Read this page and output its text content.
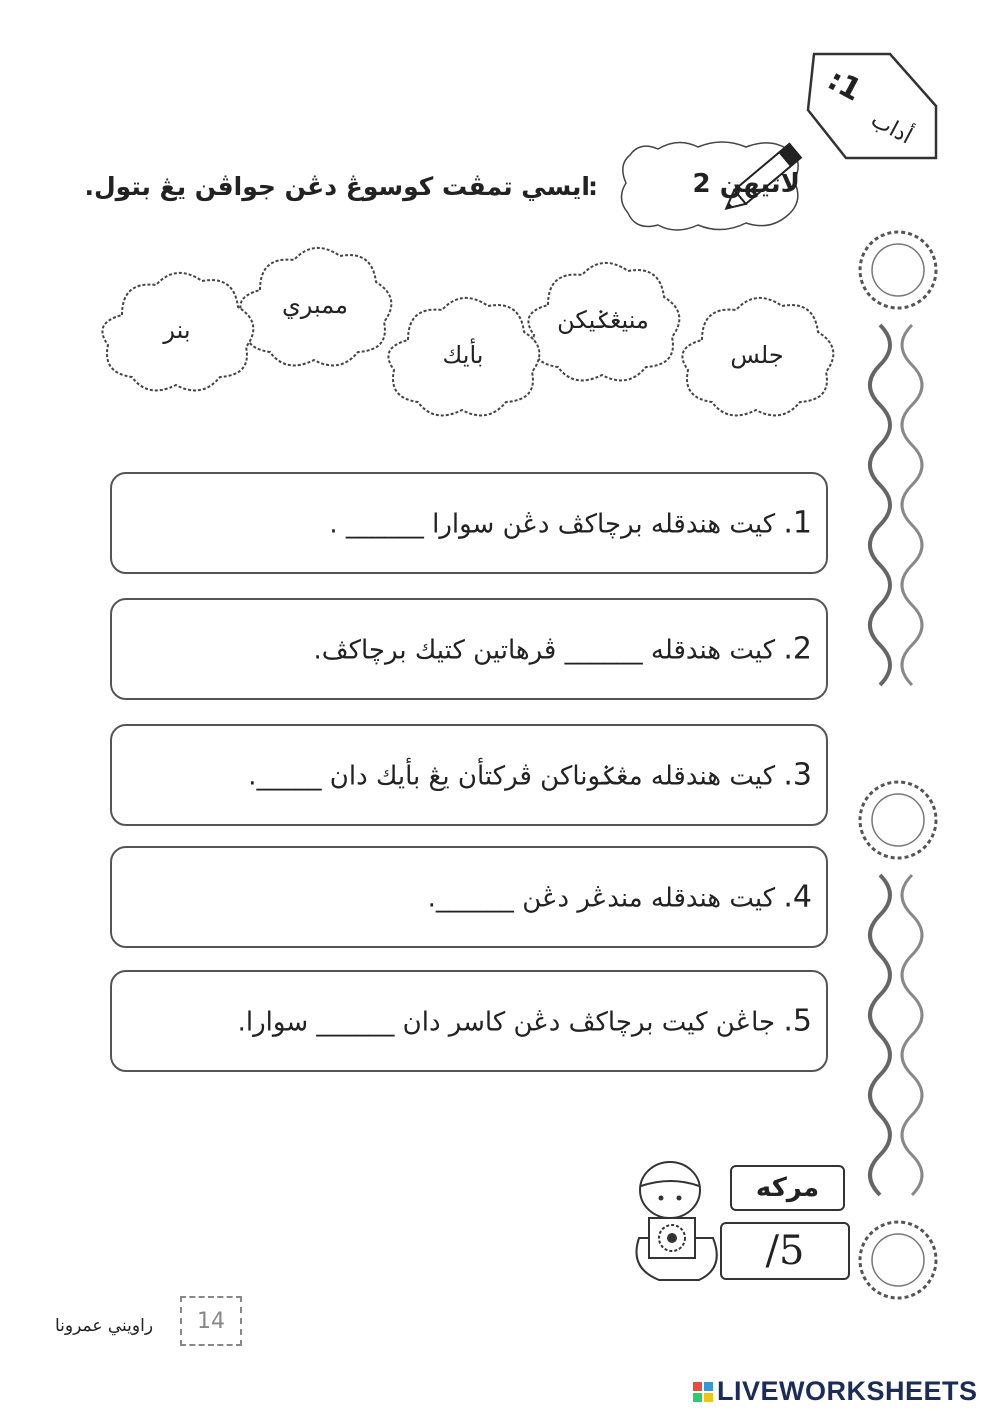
1:
أداب
لاتيهن 2
:
ايسي تمڤت كوسوڠ دڠن جواڤن يڠ بتول.
جلس
منيڠݢيكن
بأيك
ممبري
بنر
1. كيت هندقله برچاكڤ دڠن سوارا ______ .
2. كيت هندقله ______ ڤرهاتين كتيك برچاكڤ.
3. كيت هندقله مڠݢوناكن ڤركتأن يڠ بأيك دان _____.
4. كيت هندقله مندڠر دڠن ______.
5. جاڠن كيت برچاكڤ دڠن كاسر دان ______ سوارا.
مركه
/5
14
راويني عمرونا
LIVEWORKSHEETS
